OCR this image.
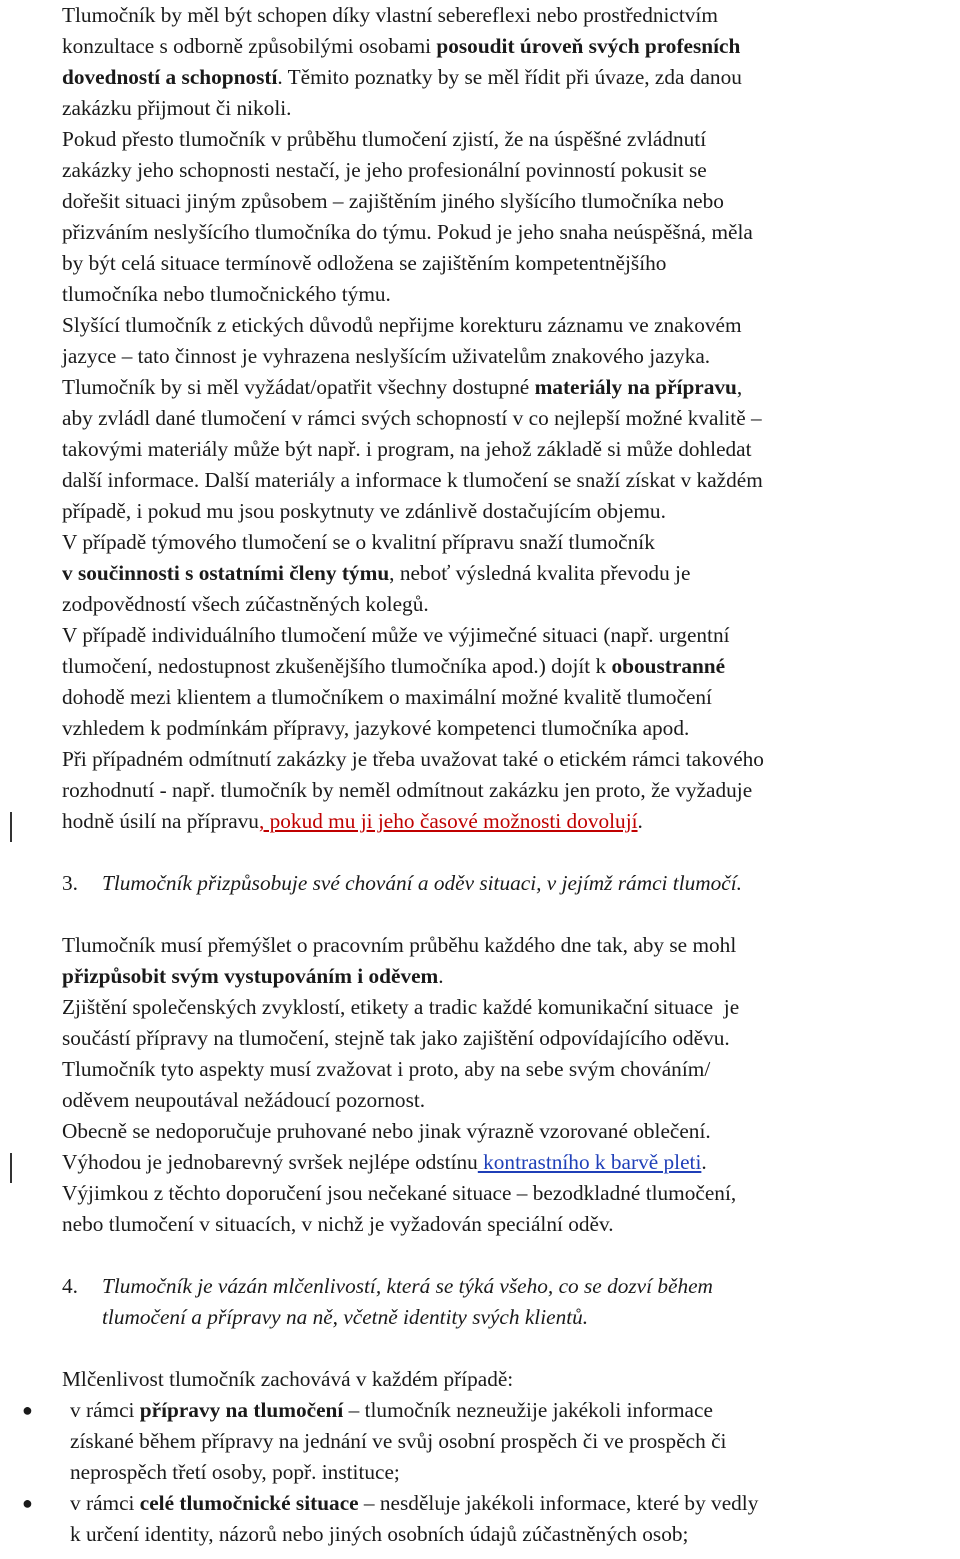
Tlumočník by měl být schopen díky vlastní sebereflexi nebo prostřednictvím
konzultace s odborně způsobilými osobami posoudit úroveň svých profesních
dovedností a schopností. Těmito poznatky by se měl řídit při úvaze, zda danou
zakázku přijmout či nikoli.
Pokud přesto tlumočník v průběhu tlumočení zjistí, že na úspěšné zvládnutí
zakázky jeho schopnosti nestačí, je jeho profesionální povinností pokusit se
dořešit situaci jiným způsobem – zajištěním jiného slyšícího tlumočníka nebo
přizváním neslyšícího tlumočníka do týmu. Pokud je jeho snaha neúspěšná, měla
by být celá situace termínově odložena se zajištěním kompetentnějšího
tlumočníka nebo tlumočnického týmu.
Slyšící tlumočník z etických důvodů nepřijme korekturu záznamu ve znakovém
jazyce – tato činnost je vyhrazena neslyšícím uživatelům znakového jazyka.
Tlumočník by si měl vyžádat/opatřit všechny dostupné materiály na přípravu,
aby zvládl dané tlumočení v rámci svých schopností v co nejlepší možné kvalitě –
takovými materiály může být např. i program, na jehož základě si může dohledat
další informace. Další materiály a informace k tlumočení se snaží získat v každém
případě, i pokud mu jsou poskytnuty ve zdánlivě dostačujícím objemu.
V případě týmového tlumočení se o kvalitní přípravu snaží tlumočník
v součinnosti s ostatními členy týmu, neboť výsledná kvalita převodu je
zodpovědností všech zúčastněných kolegů.
V případě individuálního tlumočení může ve výjimečné situaci (např. urgentní
tlumočení, nedostupnost zkušenějšího tlumočníka apod.) dojít k oboustranné
dohodě mezi klientem a tlumočníkem o maximální možné kvalitě tlumočení
vzhledem k podmínkám přípravy, jazykové kompetenci tlumočníka apod.
Při případném odmítnutí zakázky je třeba uvažovat také o etickém rámci takového
rozhodnutí - např. tlumočník by neměl odmítnout zakázku jen proto, že vyžaduje
hodně úsilí na přípravu, pokud mu ji jeho časové možnosti dovolují.

3.

Tlumočník přizpůsobuje své chování a oděv situaci, v jejímž rámci tlumočí.

Tlumočník musí přemýšlet o pracovním průběhu každého dne tak, aby se mohl
přizpůsobit svým vystupováním i oděvem.
Zjištění společenských zvyklostí, etikety a tradic každé komunikační situace  je
součástí přípravy na tlumočení, stejně tak jako zajištění odpovídajícího oděvu.
Tlumočník tyto aspekty musí zvažovat i proto, aby na sebe svým chováním/
oděvem neupoutával nežádoucí pozornost.
Obecně se nedoporučuje pruhované nebo jinak výrazně vzorované oblečení.
Výhodou je jednobarevný svršek nejlépe odstínu kontrastního k barvě pleti.
Výjimkou z těchto doporučení jsou nečekané situace – bezodkladné tlumočení,
nebo tlumočení v situacích, v nichž je vyžadován speciální oděv.

4.

Tlumočník je vázán mlčenlivostí, která se týká všeho, co se dozví během

tlumočení a přípravy na ně, včetně identity svých klientů.

Mlčenlivost tlumočník zachovává v každém případě:
● v rámci přípravy na tlumočení – tlumočník nezneužije jakékoli informace
získané během přípravy na jednání ve svůj osobní prospěch či ve prospěch či
neprospěch třetí osoby, popř. instituce;
● v rámci celé tlumočnické situace – nesděluje jakékoli informace, které by vedly
k určení identity, názorů nebo jiných osobních údajů zúčastněných osob;
